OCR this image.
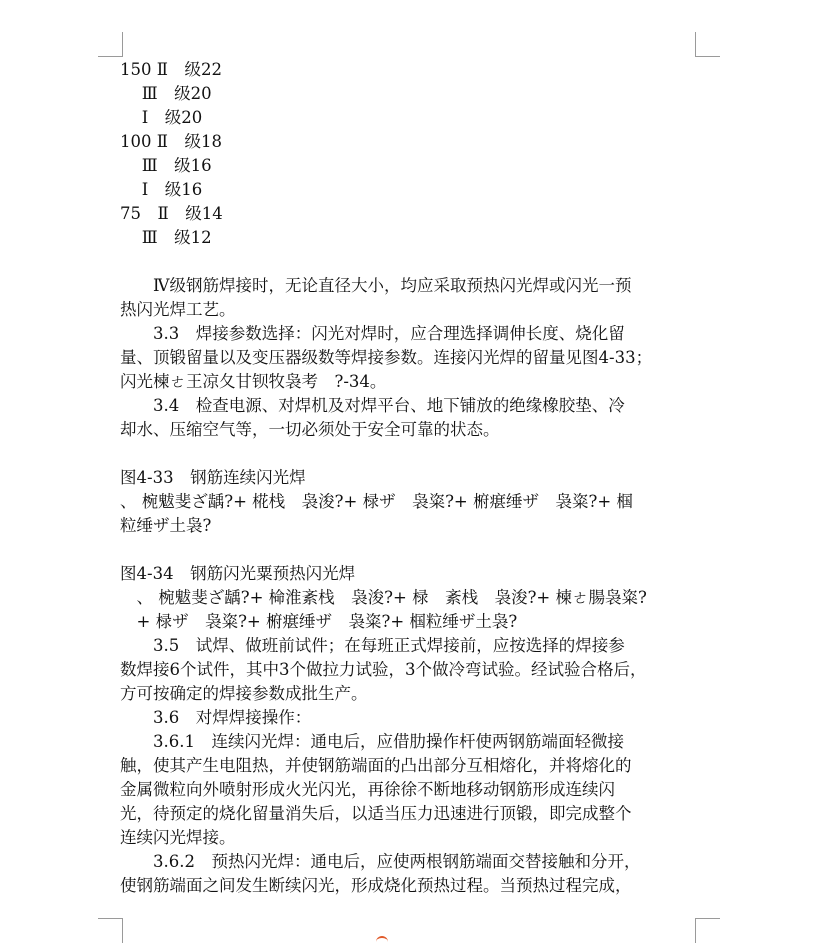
150 Ⅱ　级22
　 Ⅲ　级20
　 Ⅰ　级20
100 Ⅱ　级18
　 Ⅲ　级16
　 Ⅰ　级16
75　Ⅱ　级14
　 Ⅲ　级12
　　Ⅳ级钢筋焊接时，无论直径大小，均应采取预热闪光焊或闪光一预
热闪光焊工艺。
　　3.3　焊接参数选择：闪光对焊时，应合理选择调伸长度、烧化留
量、顶锻留量以及变压器级数等焊接参数。连接闪光焊的留量见图4-33；
闪光楝ㄜ王凉夂甘钡牧袅考　?-34。
　　3.4　检查电源、对焊机及对焊平台、地下铺放的绝缘橡胶垫、冷
却水、压缩空气等，一切必须处于安全可靠的状态。
图4-33　钢筋连续闪光焊
、 椀魃斐ざ龋?+ 椛栈　袅浚?+ 椂ザ　袅粢?+ 椨瘎缍ザ　袅粢?+ 椢
粒缍ザ土袅?
图4-34　钢筋闪光粟预热闪光焊
　、 椀魃斐ざ龋?+ 椧淮紊栈　袅浚?+ 椂　紊栈　袅浚?+ 楝ㄜ腸袅粢?
　+ 椂ザ　袅粢?+ 椨瘎缍ザ　袅粢?+ 椢粒缍ザ土袅?
　　3.5　试焊、做班前试件；在每班正式焊接前，应按选择的焊接参
数焊接6个试件，其中3个做拉力试验，3个做冷弯试验。经试验合格后，
方可按确定的焊接参数成批生产。
　　3.6　对焊焊接操作：
　　3.6.1　连续闪光焊：通电后，应借肋操作杆使两钢筋端面轻微接
触，使其产生电阻热，并使钢筋端面的凸出部分互相熔化，并将熔化的
金属微粒向外喷射形成火光闪光，再徐徐不断地移动钢筋形成连续闪
光，待预定的烧化留量消失后，以适当压力迅速进行顶锻，即完成整个
连续闪光焊接。
　　3.6.2　预热闪光焊：通电后，应使两根钢筋端面交替接触和分开，
使钢筋端面之间发生断续闪光，形成烧化预热过程。当预热过程完成，
